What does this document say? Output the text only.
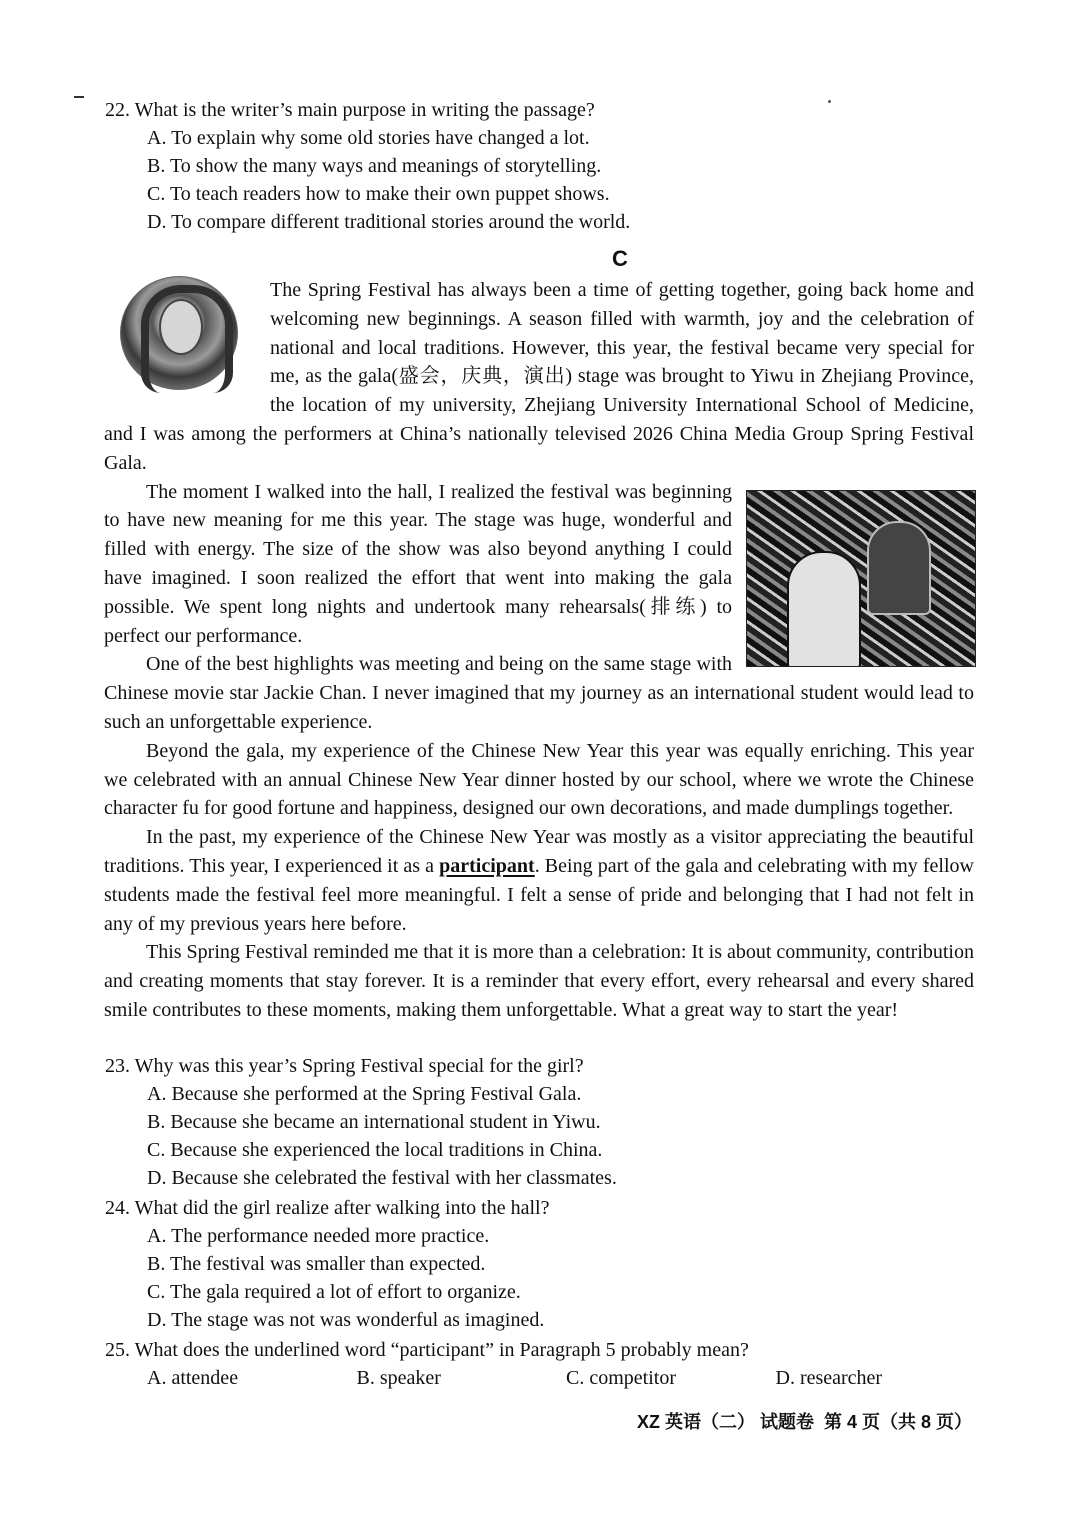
22. What is the writer’s main purpose in writing the passage?

A. To explain why some old stories have changed a lot.

B. To show the many ways and meanings of storytelling.

C. To teach readers how to make their own puppet shows.

D. To compare different traditional stories around the world.

C

The Spring Festival has always been a time of getting together, going back home and welcoming new beginnings. A season filled with warmth, joy and the celebration of national and local traditions. However, this year, the festival became very special for me, as the gala(盛会，庆典，演出) stage was brought to Yiwu in Zhejiang Province, the location of my university, Zhejiang University International School of Medicine, and I was among the performers at China’s nationally televised 2026 China Media Group Spring Festival Gala.

The moment I walked into the hall, I realized the festival was beginning to have new meaning for me this year. The stage was huge, wonderful and filled with energy. The size of the show was also beyond anything I could have imagined. I soon realized the effort that went into making the gala possible. We spent long nights and undertook many rehearsals(排练) to perfect our performance.

One of the best highlights was meeting and being on the same stage with Chinese movie star Jackie Chan. I never imagined that my journey as an international student would lead to such an unforgettable experience.

Beyond the gala, my experience of the Chinese New Year this year was equally enriching. This year we celebrated with an annual Chinese New Year dinner hosted by our school, where we wrote the Chinese character fu for good fortune and happiness, designed our own decorations, and made dumplings together.

In the past, my experience of the Chinese New Year was mostly as a visitor appreciating the beautiful traditions. This year, I experienced it as a participant. Being part of the gala and celebrating with my fellow students made the festival feel more meaningful. I felt a sense of pride and belonging that I had not felt in any of my previous years here before.

This Spring Festival reminded me that it is more than a celebration: It is about community, contribution and creating moments that stay forever. It is a reminder that every effort, every rehearsal and every shared smile contributes to these moments, making them unforgettable. What a great way to start the year!

23. Why was this year’s Spring Festival special for the girl?

A. Because she performed at the Spring Festival Gala.

B. Because she became an international student in Yiwu.

C. Because she experienced the local traditions in China.

D. Because she celebrated the festival with her classmates.

24. What did the girl realize after walking into the hall?

A. The performance needed more practice.

B. The festival was smaller than expected.

C. The gala required a lot of effort to organize.

D. The stage was not was wonderful as imagined.

25. What does the underlined word “participant” in Paragraph 5 probably mean?

A. attendee	B. speaker	C. competitor	D. researcher
XZ 英语（二） 试题卷  第 4 页（共 8 页）
